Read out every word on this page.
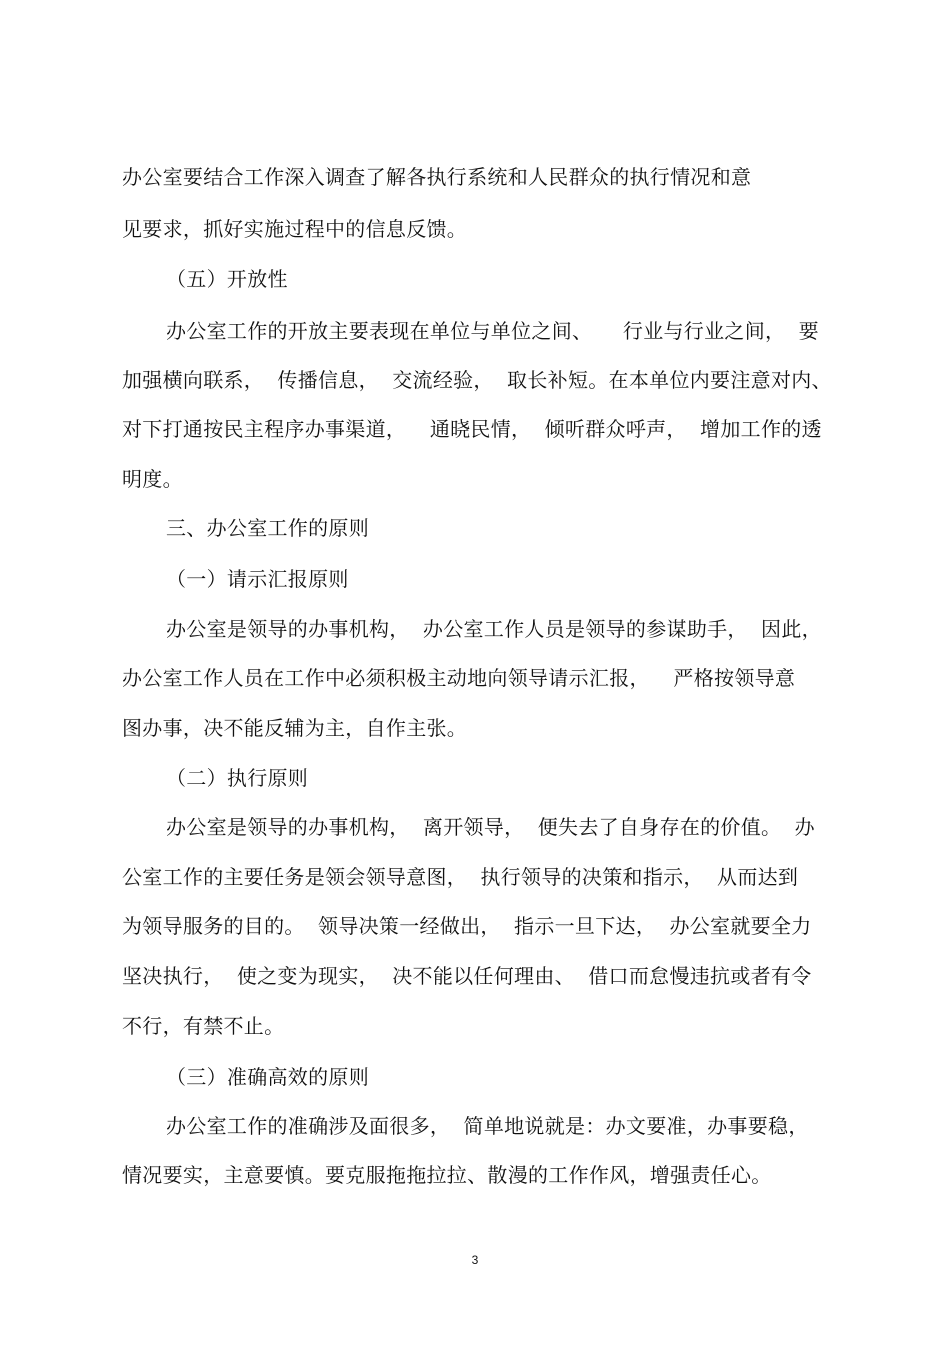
办公室要结合工作深入调查了解各执行系统和人民群众的执行情况和意
见要求，抓好实施过程中的信息反馈。
（五）开放性
办公室工作的开放主要表现在单位与单位之间、　　行业与行业之间，  要
加强横向联系，  传播信息，  交流经验，  取长补短。在本单位内要注意对内、
对下打通按民主程序办事渠道，　  通晓民情，  倾听群众呼声，  增加工作的透
明度。
三、办公室工作的原则
（一）请示汇报原则
办公室是领导的办事机构，  办公室工作人员是领导的参谋助手，  因此，
办公室工作人员在工作中必须积极主动地向领导请示汇报，　  严格按领导意
图办事，决不能反辅为主，自作主张。
（二）执行原则
办公室是领导的办事机构，  离开领导，  便失去了自身存在的价值。  办
公室工作的主要任务是领会领导意图，  执行领导的决策和指示，  从而达到
为领导服务的目的。  领导决策一经做出，  指示一旦下达，  办公室就要全力
坚决执行，  使之变为现实，  决不能以任何理由、  借口而怠慢违抗或者有令
不行，有禁不止。
（三）准确高效的原则
办公室工作的准确涉及面很多，  简单地说就是：办文要准，办事要稳，
情况要实，主意要慎。要克服拖拖拉拉、散漫的工作作风，增强责任心。
3
